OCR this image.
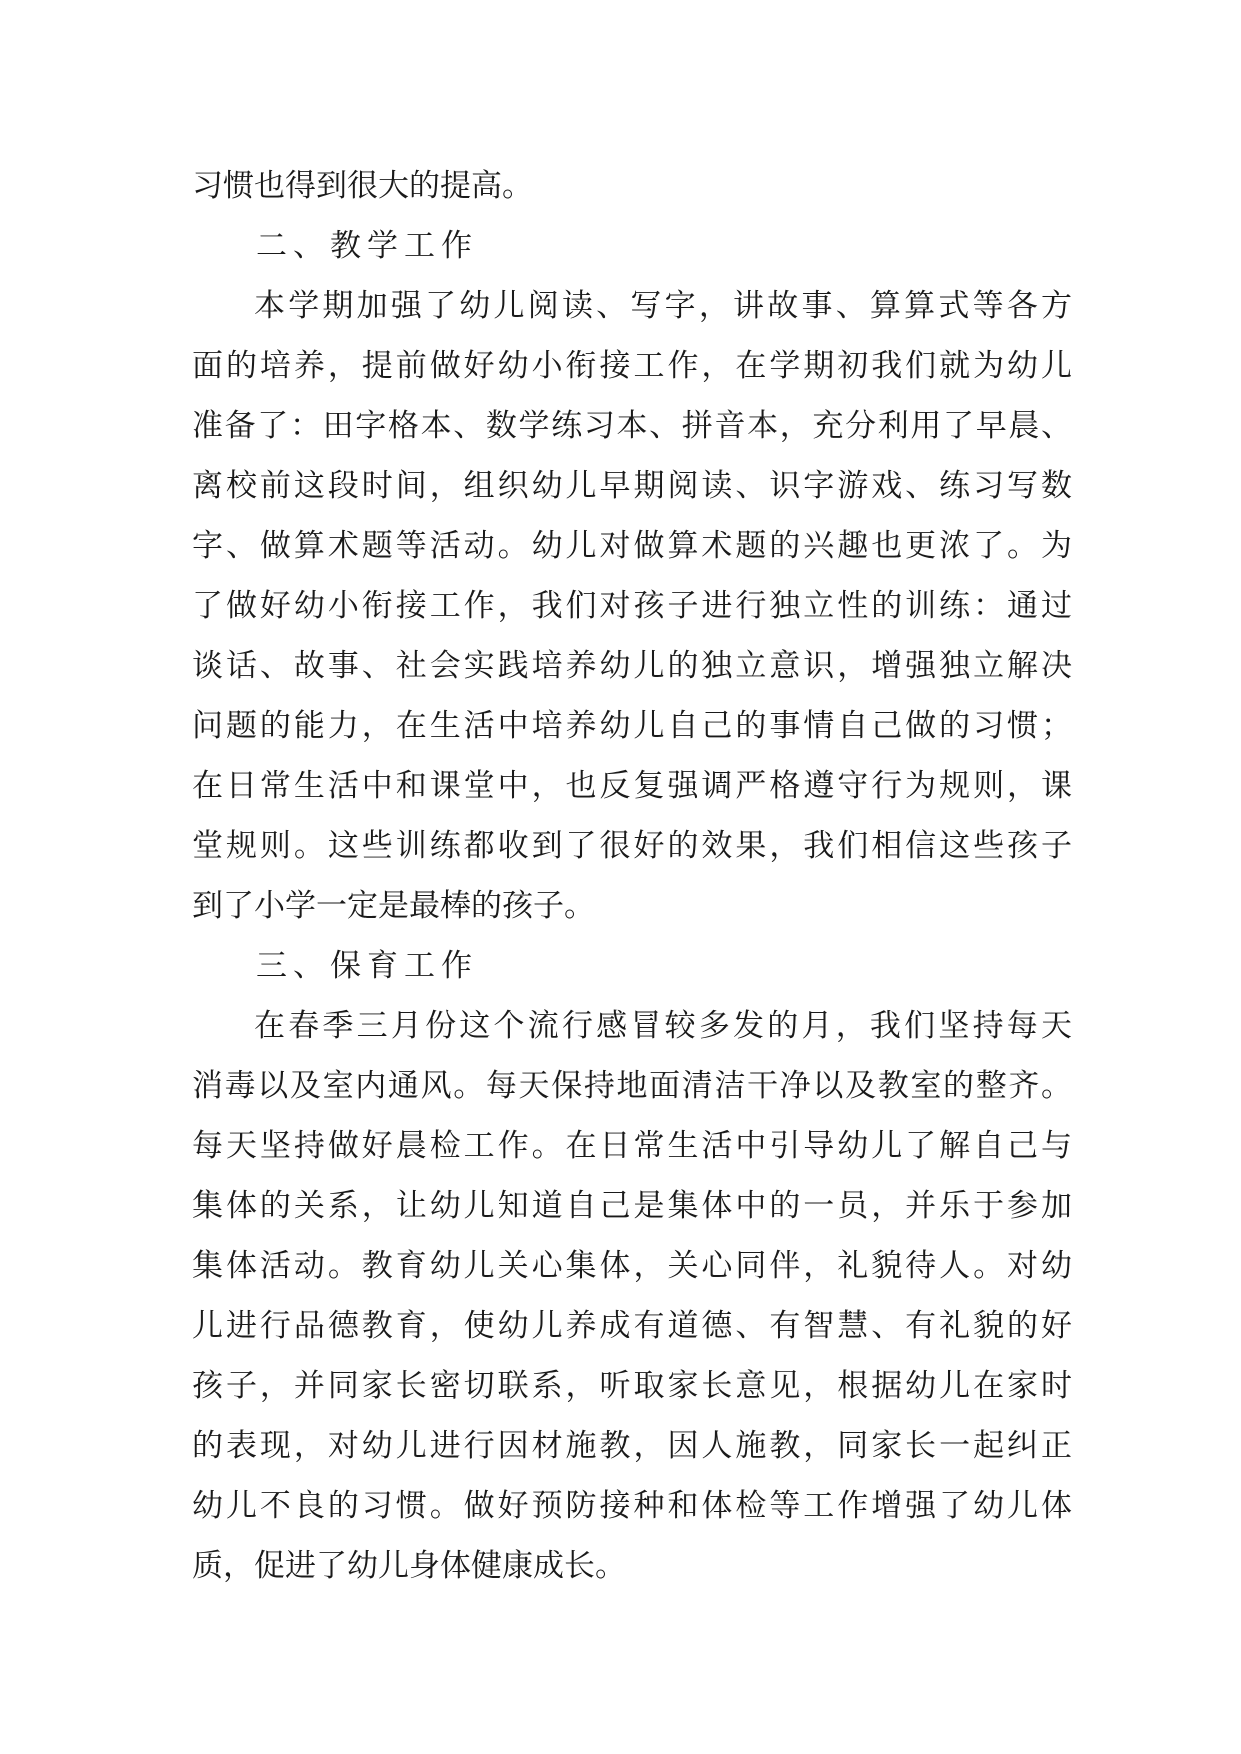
习惯也得到很大的提高。
二、教学工作
本学期加强了幼儿阅读、写字，讲故事、算算式等各方
面的培养，提前做好幼小衔接工作，在学期初我们就为幼儿
准备了：田字格本、数学练习本、拼音本，充分利用了早晨、
离校前这段时间，组织幼儿早期阅读、识字游戏、练习写数
字、做算术题等活动。幼儿对做算术题的兴趣也更浓了。为
了做好幼小衔接工作，我们对孩子进行独立性的训练：通过
谈话、故事、社会实践培养幼儿的独立意识，增强独立解决
问题的能力，在生活中培养幼儿自己的事情自己做的习惯；
在日常生活中和课堂中，也反复强调严格遵守行为规则，课
堂规则。这些训练都收到了很好的效果，我们相信这些孩子
到了小学一定是最棒的孩子。
三、保育工作
在春季三月份这个流行感冒较多发的月，我们坚持每天
消毒以及室内通风。每天保持地面清洁干净以及教室的整齐。
每天坚持做好晨检工作。在日常生活中引导幼儿了解自己与
集体的关系，让幼儿知道自己是集体中的一员，并乐于参加
集体活动。教育幼儿关心集体，关心同伴，礼貌待人。对幼
儿进行品德教育，使幼儿养成有道德、有智慧、有礼貌的好
孩子，并同家长密切联系，听取家长意见，根据幼儿在家时
的表现，对幼儿进行因材施教，因人施教，同家长一起纠正
幼儿不良的习惯。做好预防接种和体检等工作增强了幼儿体
质，促进了幼儿身体健康成长。
